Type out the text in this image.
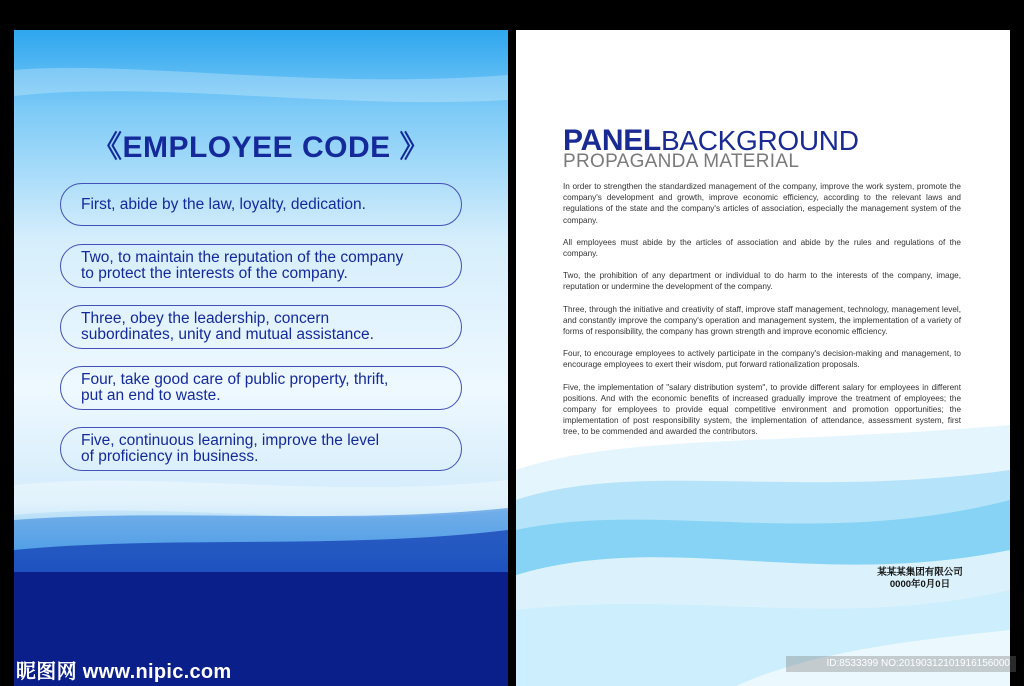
《EMPLOYEE CODE 》
First, abide by the law, loyalty, dedication.
Two, to maintain the reputation of the company
to protect the interests of the company.
Three, obey the leadership, concern
subordinates, unity and mutual assistance.
Four, take good care of public property, thrift,
put an end to waste.
Five, continuous learning, improve the level
of proficiency in business.
昵图网 www.nipic.com
PANELBACKGROUND
PROPAGANDA MATERIAL

In order to strengthen the standardized management of the company, improve the work system, promote the company's development and growth, improve economic efficiency, according to the relevant laws and regulations of the state and the company's articles of association, especially the management system of the company.

All employees must abide by the articles of association and abide by the rules and regulations of the company.

Two, the prohibition of any department or individual to do harm to the interests of the company, image, reputation or undermine the development of the company.

Three, through the initiative and creativity of staff, improve staff management, technology, management level, and constantly improve the company's operation and management system, the implementation of a variety of forms of responsibility, the company has grown strength and improve economic efficiency.

Four, to encourage employees to actively participate in the company's decision-making and management, to encourage employees to exert their wisdom, put forward rationalization proposals.

Five, the implementation of "salary distribution system", to provide different salary for employees in different positions. And with the economic benefits of increased gradually improve the treatment of employees; the company for employees to provide equal competitive environment and promotion opportunities; the implementation of post responsibility system, the implementation of attendance, assessment system, first tree, to be commended and awarded the contributors.

某某某集团有限公司
0000年0月0日
ID:8533399 NO:20190312101916156000
